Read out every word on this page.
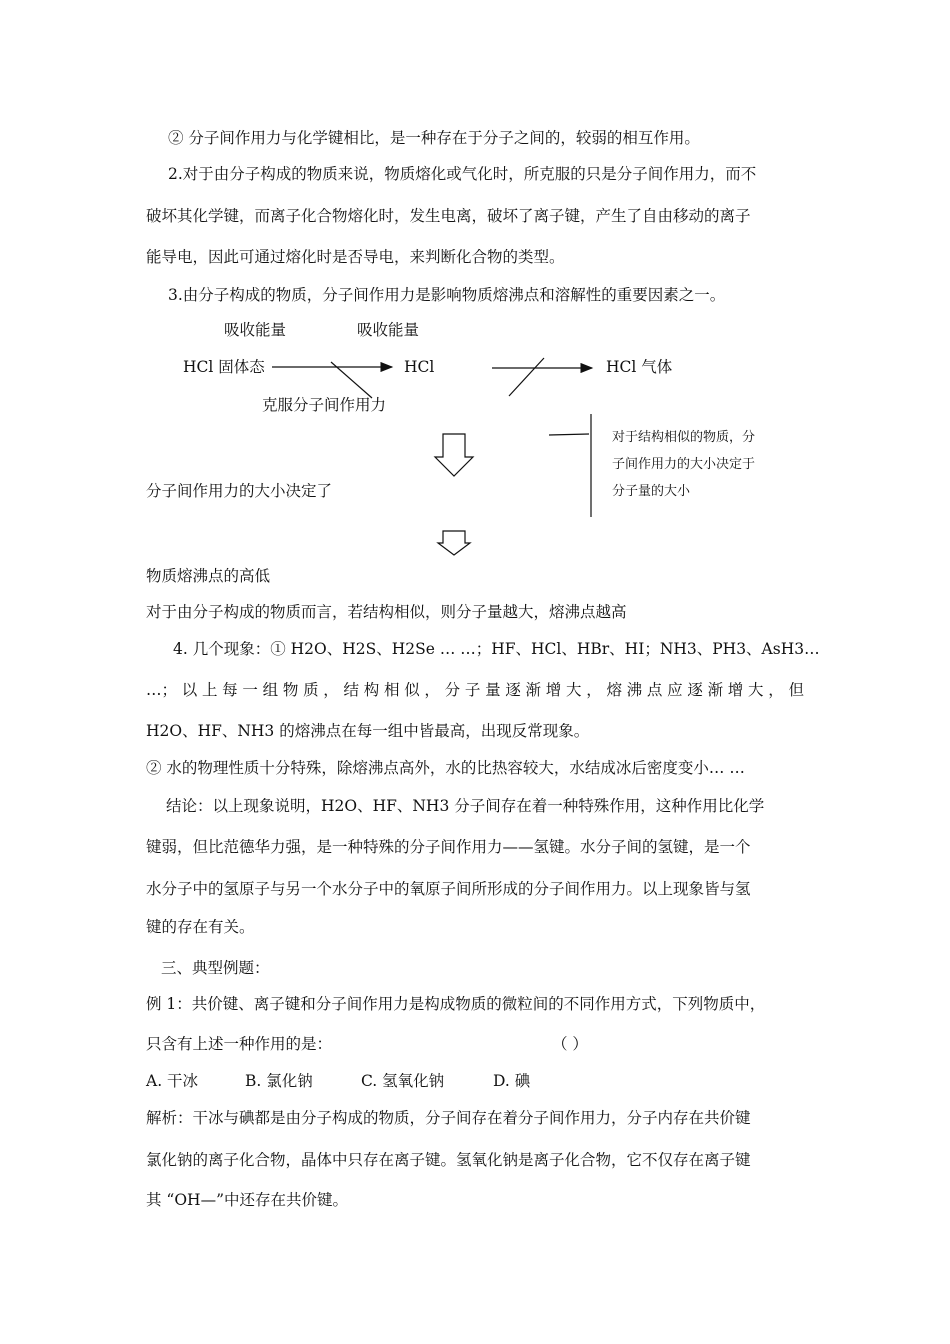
② 分子间作用力与化学键相比，是一种存在于分子之间的，较弱的相互作用。
2.对于由分子构成的物质来说，物质熔化或气化时，所克服的只是分子间作用力，而不
破坏其化学键，而离子化合物熔化时，发生电离，破坏了离子键，产生了自由移动的离子
能导电，因此可通过熔化时是否导电，来判断化合物的类型。
3.由分子构成的物质，分子间作用力是影响物质熔沸点和溶解性的重要因素之一。
吸收能量	吸收能量
HCl 固体态	HCl	HCl 气体
克服分子间作用力
对于结构相似的物质，分
子间作用力的大小决定于
分子量的大小
分子间作用力的大小决定了
物质熔沸点的高低
对于由分子构成的物质而言，若结构相似，则分子量越大，熔沸点越高
4. 几个现象：① H2O、H2S、H2Se … …；HF、HCl、HBr、HI；NH3、PH3、AsH3…
…；以上每一组物质，结构相似，分子量逐渐增大，熔沸点应逐渐增大，但
H2O、HF、NH3 的熔沸点在每一组中皆最高，出现反常现象。
② 水的物理性质十分特殊，除熔沸点高外，水的比热容较大，水结成冰后密度变小… …
结论：以上现象说明，H2O、HF、NH3 分子间存在着一种特殊作用，这种作用比化学
键弱，但比范德华力强，是一种特殊的分子间作用力——氢键。水分子间的氢键，是一个
水分子中的氢原子与另一个水分子中的氧原子间所形成的分子间作用力。以上现象皆与氢
键的存在有关。
三、典型例题：
例 1：共价键、离子键和分子间作用力是构成物质的微粒间的不同作用方式，下列物质中，
只含有上述一种作用的是：	（ ）
A. 干冰	B. 氯化钠	C. 氢氧化钠	D. 碘
解析：干冰与碘都是由分子构成的物质，分子间存在着分子间作用力，分子内存在共价键
氯化钠的离子化合物，晶体中只存在离子键。氢氧化钠是离子化合物，它不仅存在离子键
其 “OH—”中还存在共价键。
